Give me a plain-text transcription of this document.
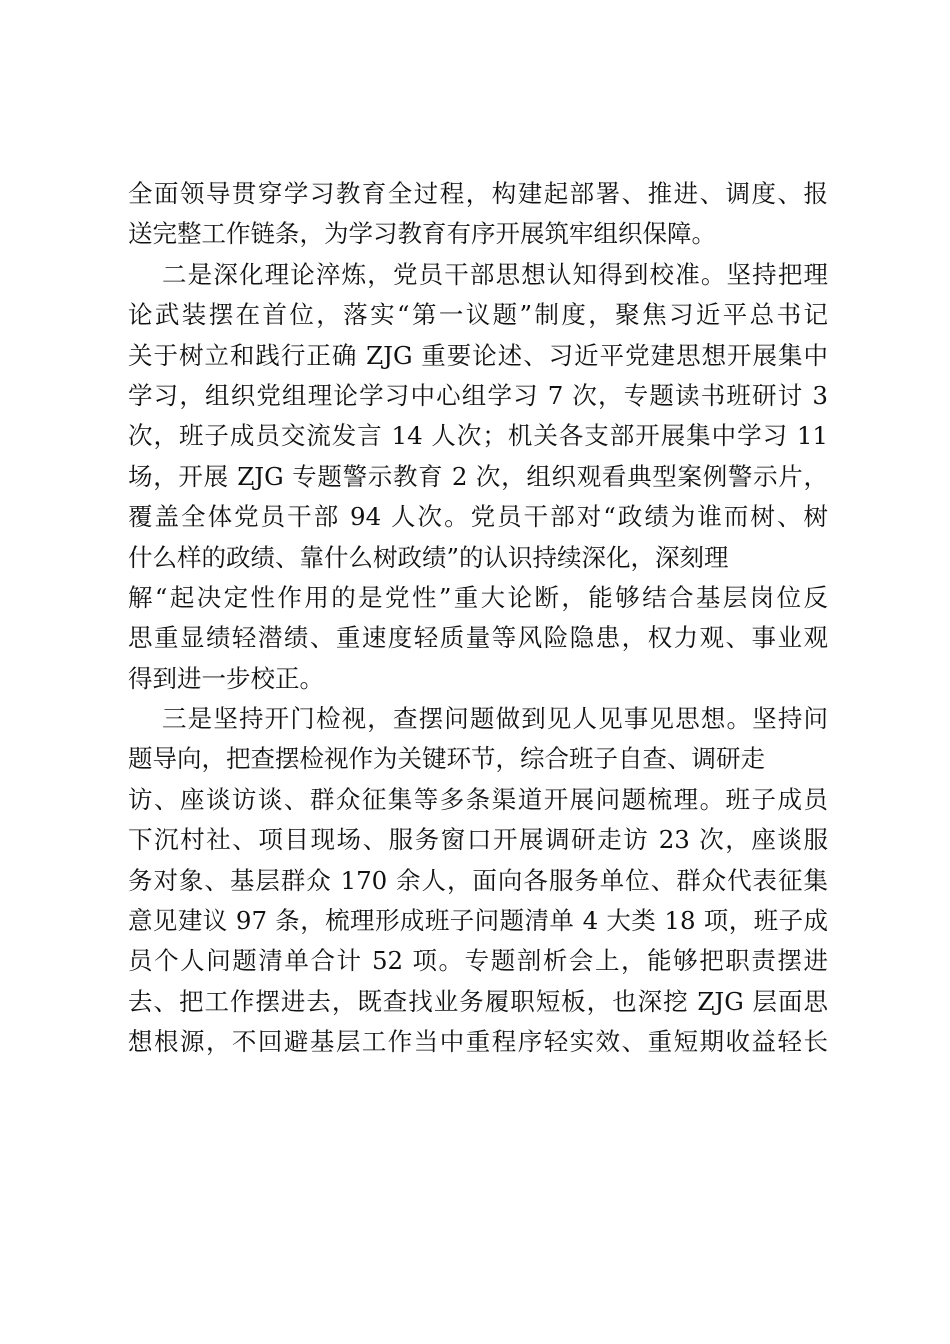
全面领导贯穿学习教育全过程，构建起部署、推进、调度、报
送完整工作链条，为学习教育有序开展筑牢组织保障。
二是深化理论淬炼，党员干部思想认知得到校准。坚持把理
论武装摆在首位，落实“第一议题”制度，聚焦习近平总书记
关于树立和践行正确 ZJG 重要论述、习近平党建思想开展集中
学习，组织党组理论学习中心组学习 7 次，专题读书班研讨 3
次，班子成员交流发言 14 人次；机关各支部开展集中学习 11
场，开展 ZJG 专题警示教育 2 次，组织观看典型案例警示片，
覆盖全体党员干部 94 人次。党员干部对“政绩为谁而树、树
什么样的政绩、靠什么树政绩”的认识持续深化，深刻理
解“起决定性作用的是党性”重大论断，能够结合基层岗位反
思重显绩轻潜绩、重速度轻质量等风险隐患，权力观、事业观
得到进一步校正。
三是坚持开门检视，查摆问题做到见人见事见思想。坚持问
题导向，把查摆检视作为关键环节，综合班子自查、调研走
访、座谈访谈、群众征集等多条渠道开展问题梳理。班子成员
下沉村社、项目现场、服务窗口开展调研走访 23 次，座谈服
务对象、基层群众 170 余人，面向各服务单位、群众代表征集
意见建议 97 条，梳理形成班子问题清单 4 大类 18 项，班子成
员个人问题清单合计 52 项。专题剖析会上，能够把职责摆进
去、把工作摆进去，既查找业务履职短板，也深挖 ZJG 层面思
想根源，不回避基层工作当中重程序轻实效、重短期收益轻长
